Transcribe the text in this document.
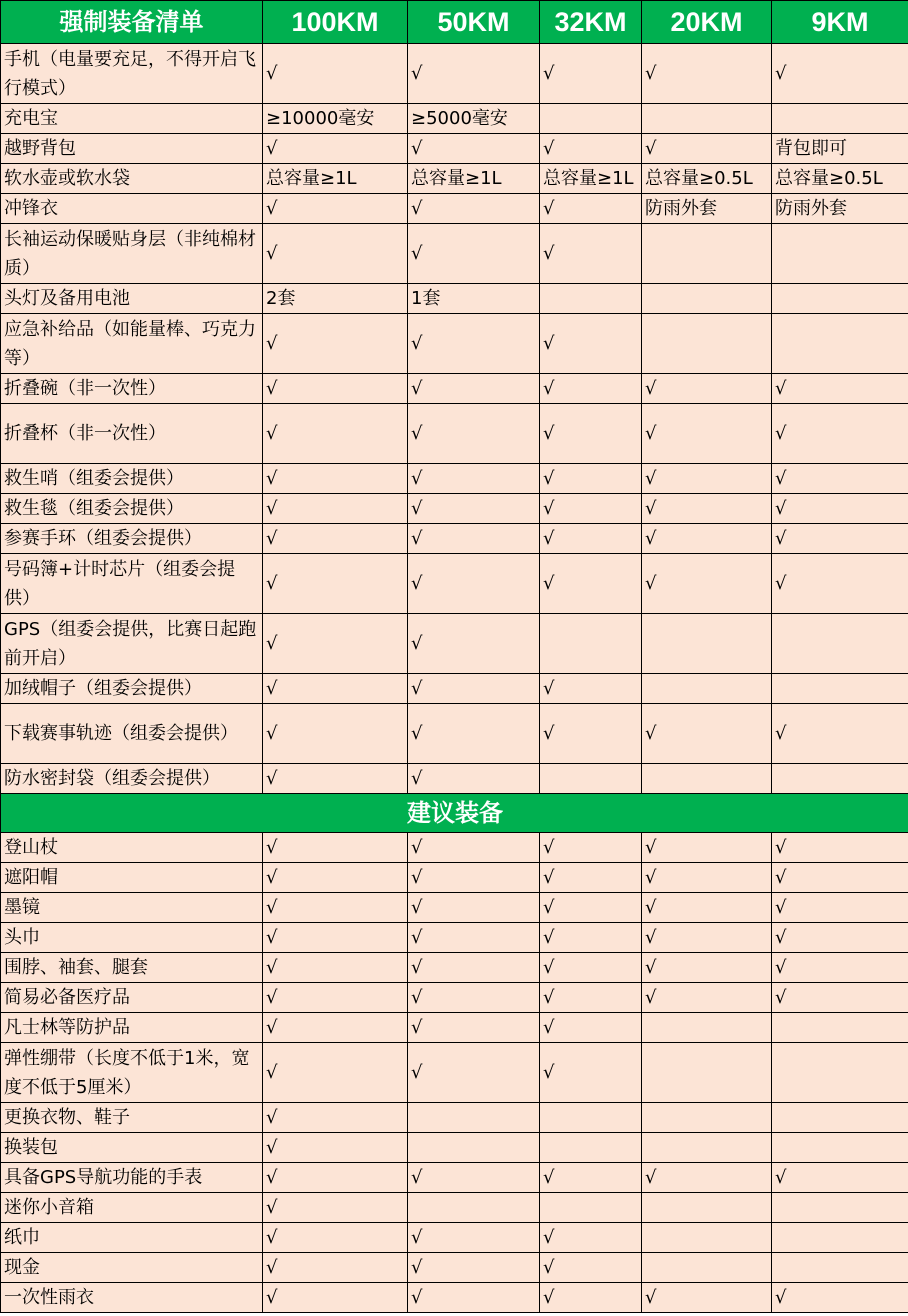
强制装备清单	100KM	50KM	32KM	20KM	9KM
手机（电量要充足，不得开启飞行模式）	√	√	√	√	√
充电宝	≥10000毫安	≥5000毫安			
越野背包	√	√	√	√	背包即可
软水壶或软水袋	总容量≥1L	总容量≥1L	总容量≥1L	总容量≥0.5L	总容量≥0.5L
冲锋衣	√	√	√	防雨外套	防雨外套
长袖运动保暖贴身层（非纯棉材质）	√	√	√		
头灯及备用电池	2套	1套			
应急补给品（如能量棒、巧克力等）	√	√	√		
折叠碗（非一次性）	√	√	√	√	√
折叠杯（非一次性）	√	√	√	√	√
救生哨（组委会提供）	√	√	√	√	√
救生毯（组委会提供）	√	√	√	√	√
参赛手环（组委会提供）	√	√	√	√	√
号码簿+计时芯片（组委会提供）	√	√	√	√	√
GPS（组委会提供，比赛日起跑前开启）	√	√			
加绒帽子（组委会提供）	√	√	√		
下载赛事轨迹（组委会提供）	√	√	√	√	√
防水密封袋（组委会提供）	√	√			
建议装备					
登山杖	√	√	√	√	√
遮阳帽	√	√	√	√	√
墨镜	√	√	√	√	√
头巾	√	√	√	√	√
围脖、袖套、腿套	√	√	√	√	√
简易必备医疗品	√	√	√	√	√
凡士林等防护品	√	√	√		
弹性绷带（长度不低于1米，宽度不低于5厘米）	√	√	√		
更换衣物、鞋子	√				
换装包	√				
具备GPS导航功能的手表	√	√	√	√	√
迷你小音箱	√				
纸巾	√	√	√		
现金	√	√	√		
一次性雨衣	√	√	√	√	√
